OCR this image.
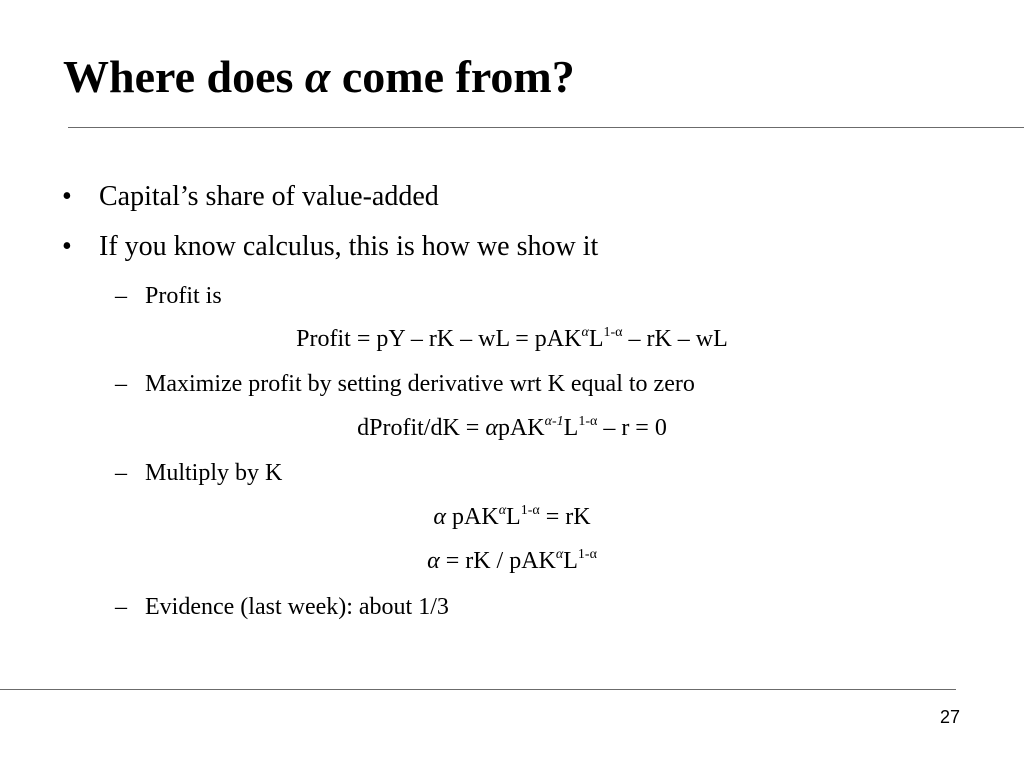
Where does α come from?
• Capital’s share of value-added
• If you know calculus, this is how we show it
– Profit is
Profit = pY – rK – wL = $pAK^\alpha L^{1-\alpha}$ – rK – wL
– Maximize profit by setting derivative wrt K equal to zero
dProfit/dK = $\alpha pAK^{\alpha-1}L^{1-\alpha} - r = 0$
– Multiply by K
α $pAK^\alpha L^{1-\alpha}$ = rK
α = rK / $pAK^\alpha L^{1-\alpha}$
– Evidence (last week): about 1/3
27
